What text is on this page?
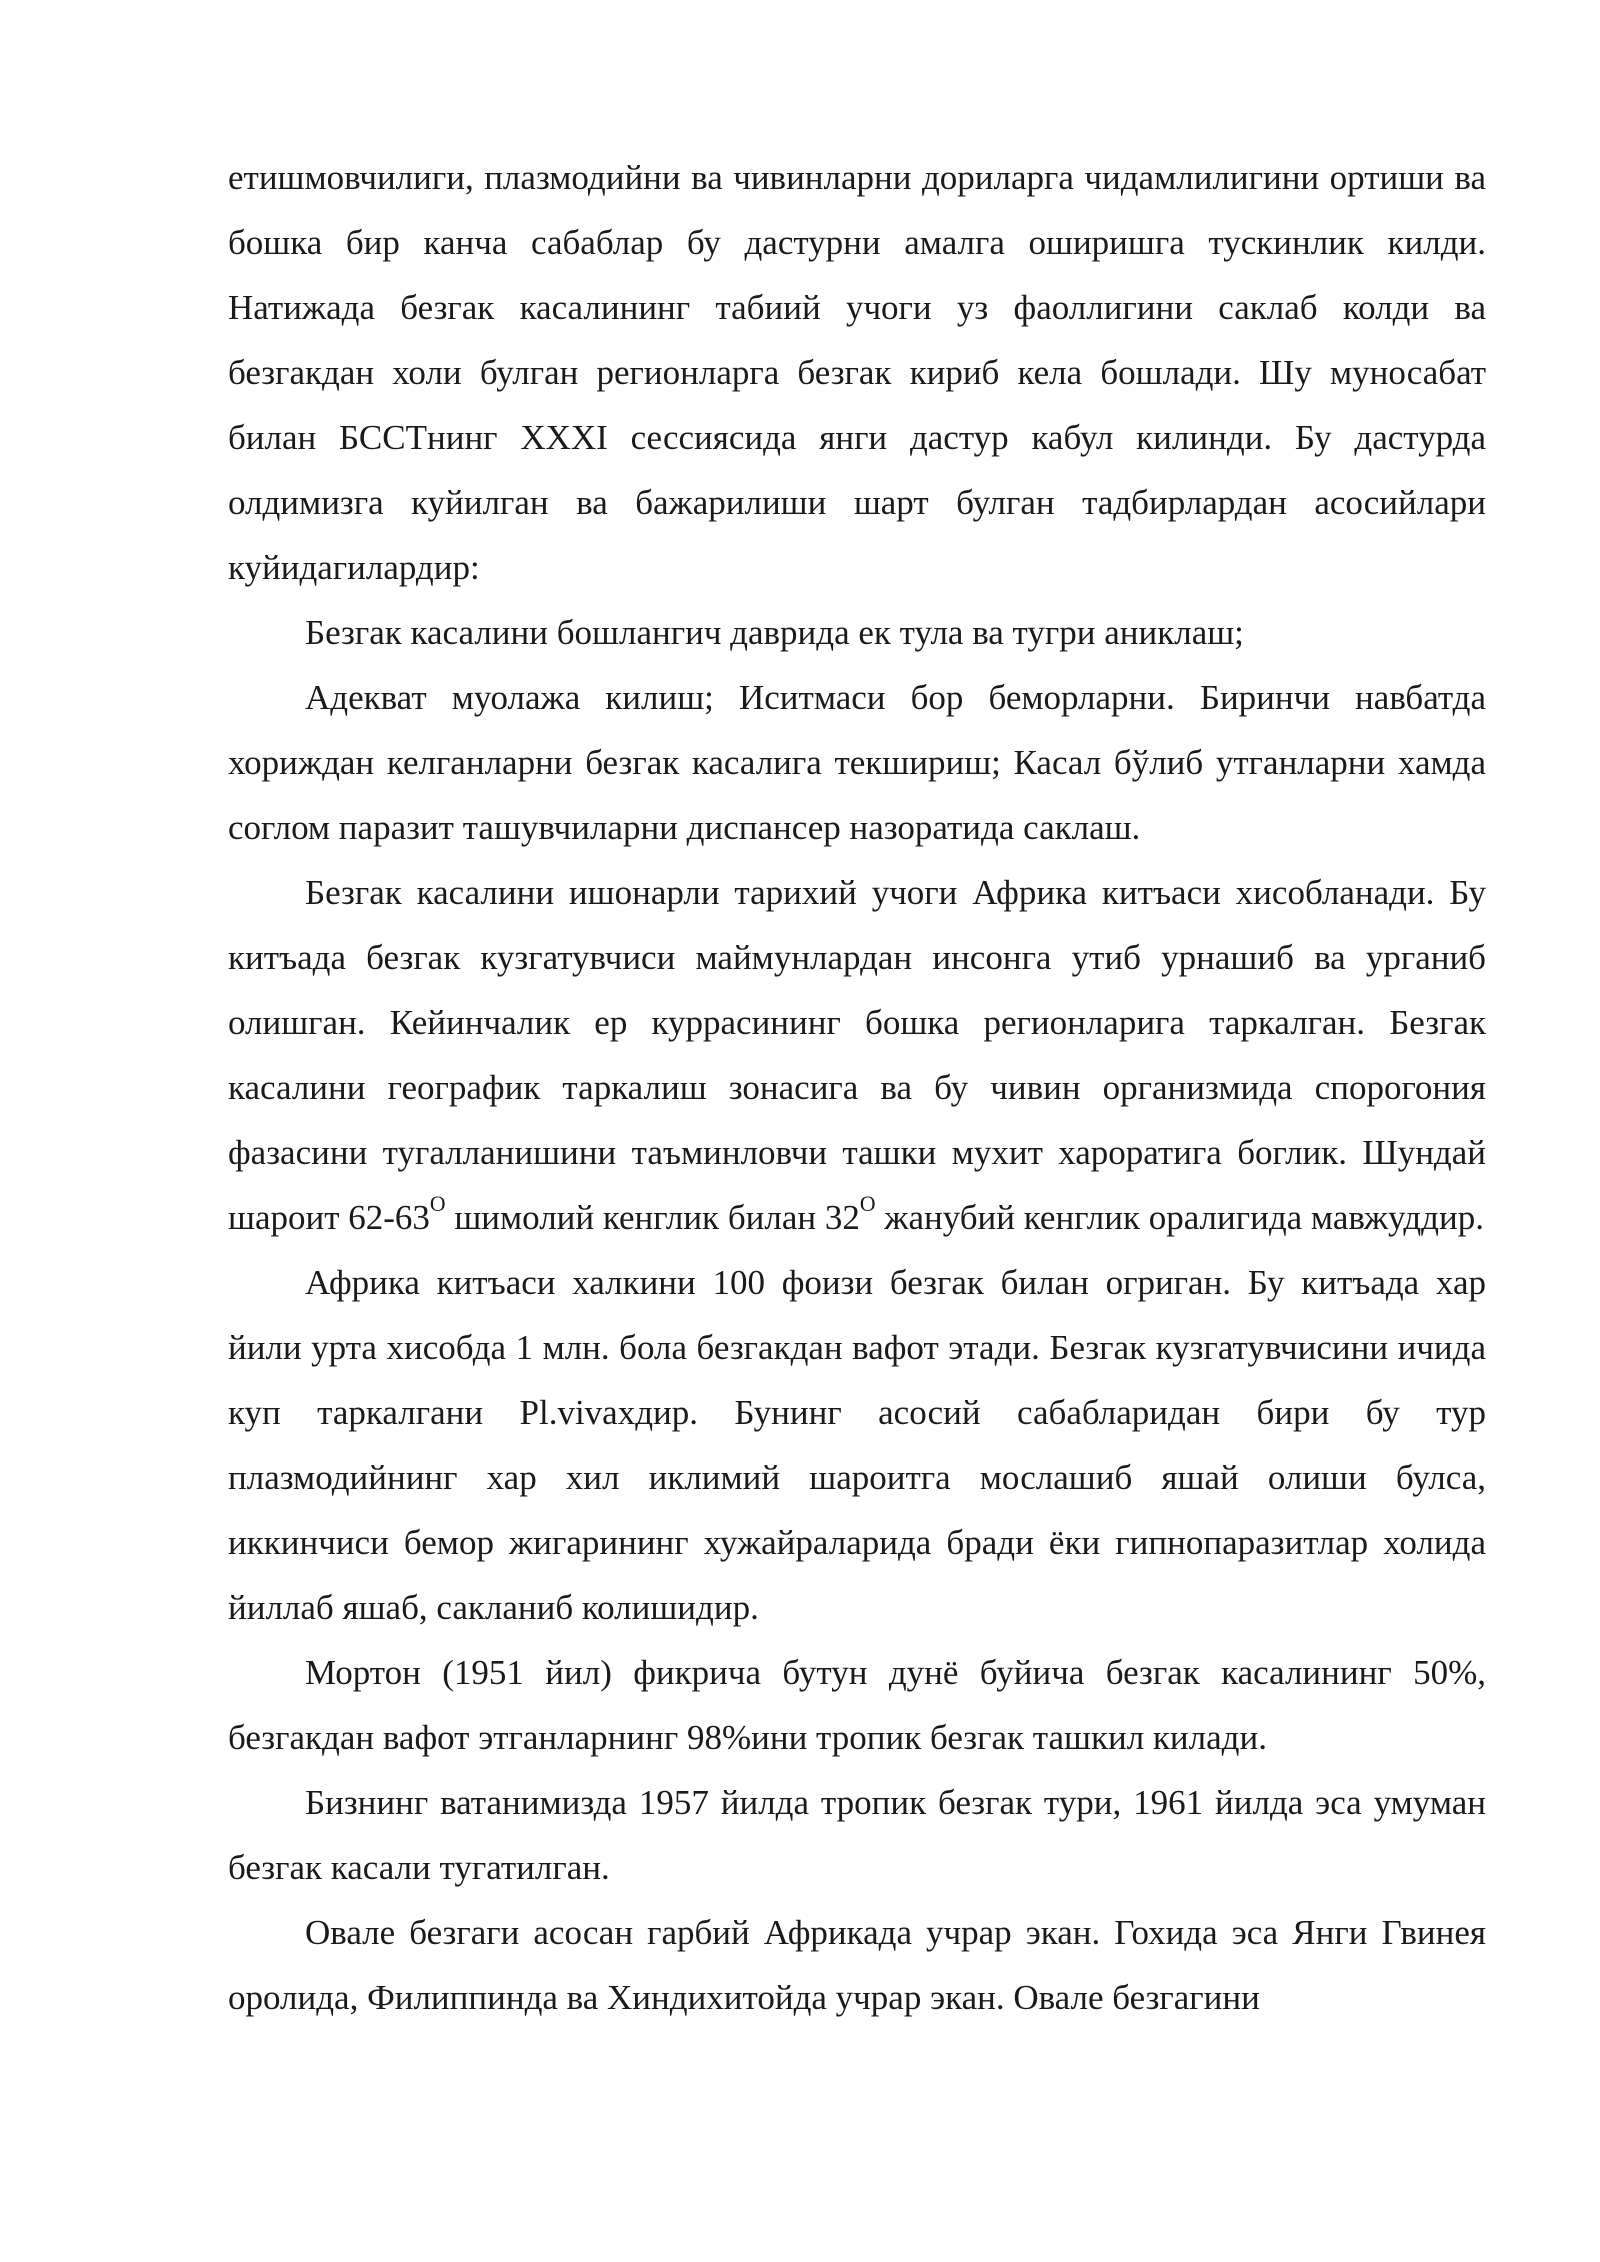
етишмовчилиги, плазмодийни ва чивинларни дориларга чидамлилигини ортиши ва бошка бир канча сабаблар бу дастурни амалга оширишга тускинлик килди. Натижада безгак касалининг табиий учоги уз фаоллигини саклаб колди ва безгакдан холи булган регионларга безгак кириб кела бошлади. Шу муносабат билан БССТнинг XXXI сессиясида янги дастур кабул килинди. Бу дастурда олдимизга куйилган ва бажарилиши шарт булган тадбирлардан асосийлари куйидагилардир:

Безгак касалини бошлангич даврида ек тула ва тугри аниклаш;

Адекват муолажа килиш; Иситмаси бор беморларни. Биринчи навбатда хориждан келганларни безгак касалига текшириш; Касал бўлиб утганларни хамда соглом паразит ташувчиларни диспансер назоратида саклаш.

Безгак касалини ишонарли тарихий учоги Африка китъаси хисобланади. Бу китъада безгак кузгатувчиси маймунлардан инсонга утиб урнашиб ва урганиб олишган. Кейинчалик ер куррасининг бошка регионларига таркалган. Безгак касалини географик таркалиш зонасига ва бу чивин организмида спорогония фазасини тугалланишини таъминловчи ташки мухит хароратига боглик. Шундай шароит $62-63^О$ шимолий кенглик билан $32^О$ жанубий кенглик оралигида мавжуддир.

Африка китъаси халкини 100 фоизи безгак билан огриган. Бу китъада хар йили урта хисобда 1 млн. бола безгакдан вафот этади. Безгак кузгатувчисини ичида куп таркалгани Pl.vivaхдир. Бунинг асосий сабабларидан бири бу тур плазмодийнинг хар хил иклимий шароитга мослашиб яшай олиши булса, иккинчиси бемор жигарининг хужайраларида бради ёки гипнопаразитлар холида йиллаб яшаб, сакланиб колишидир.

Мортон (1951 йил) фикрича бутун дунё буйича безгак касалининг 50%, безгакдан вафот этганларнинг 98%ини тропик безгак ташкил килади.

Бизнинг ватанимизда 1957 йилда тропик безгак тури, 1961 йилда эса умуман безгак касали тугатилган.

Овале безгаги асосан гарбий Африкада учрар экан. Гохида эса Янги Гвинея оролида, Филиппинда ва Хиндихитойда учрар экан. Овале безгагини
